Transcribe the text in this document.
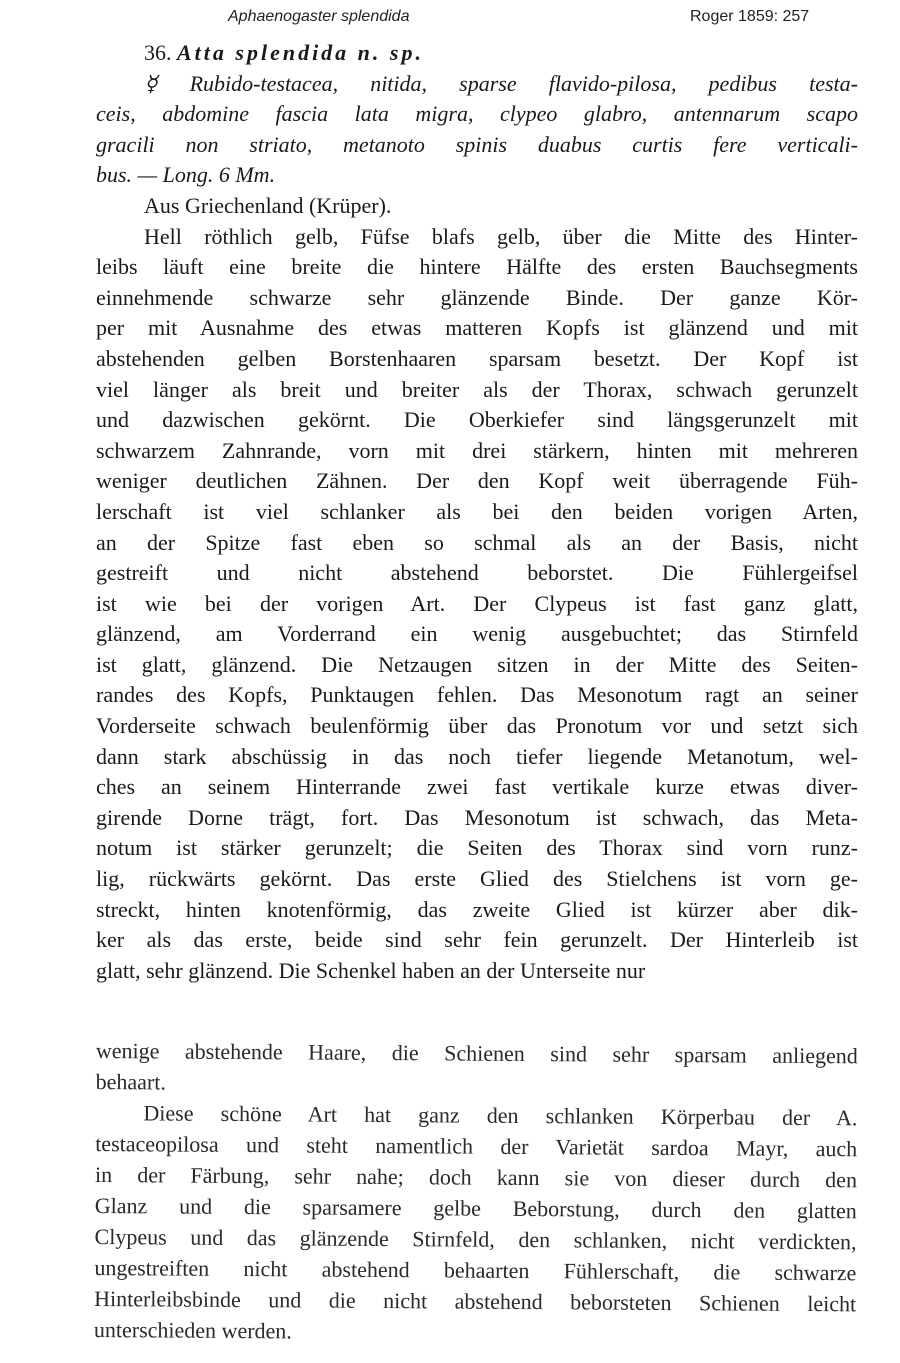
Aphaenogaster splendida	Roger 1859: 257
36. Atta splendida n. sp.
☿ Rubido-testacea, nitida, sparse flavido-pilosa, pedibus testa-
ceis, abdomine fascia lata migra, clypeo glabro, antennarum scapo
gracili non striato, metanoto spinis duabus curtis fere verticali-
bus. — Long. 6 Mm.
Aus Griechenland (Krüper).
Hell röthlich gelb, Füfse blafs gelb, über die Mitte des Hinter-
leibs läuft eine breite die hintere Hälfte des ersten Bauchsegments
einnehmende schwarze sehr glänzende Binde. Der ganze Kör-
per mit Ausnahme des etwas matteren Kopfs ist glänzend und mit
abstehenden gelben Borstenhaaren sparsam besetzt. Der Kopf ist
viel länger als breit und breiter als der Thorax, schwach gerunzelt
und dazwischen gekörnt. Die Oberkiefer sind längsgerunzelt mit
schwarzem Zahnrande, vorn mit drei stärkern, hinten mit mehreren
weniger deutlichen Zähnen. Der den Kopf weit überragende Füh-
lerschaft ist viel schlanker als bei den beiden vorigen Arten,
an der Spitze fast eben so schmal als an der Basis, nicht
gestreift und nicht abstehend beborstet. Die Fühlergeifsel
ist wie bei der vorigen Art. Der Clypeus ist fast ganz glatt,
glänzend, am Vorderrand ein wenig ausgebuchtet; das Stirnfeld
ist glatt, glänzend. Die Netzaugen sitzen in der Mitte des Seiten-
randes des Kopfs, Punktaugen fehlen. Das Mesonotum ragt an seiner
Vorderseite schwach beulenförmig über das Pronotum vor und setzt sich
dann stark abschüssig in das noch tiefer liegende Metanotum, wel-
ches an seinem Hinterrande zwei fast vertikale kurze etwas diver-
girende Dorne trägt, fort. Das Mesonotum ist schwach, das Meta-
notum ist stärker gerunzelt; die Seiten des Thorax sind vorn runz-
lig, rückwärts gekörnt. Das erste Glied des Stielchens ist vorn ge-
streckt, hinten knotenförmig, das zweite Glied ist kürzer aber dik-
ker als das erste, beide sind sehr fein gerunzelt. Der Hinterleib ist
glatt, sehr glänzend. Die Schenkel haben an der Unterseite nur
wenige abstehende Haare, die Schienen sind sehr sparsam anliegend
behaart.
Diese schöne Art hat ganz den schlanken Körperbau der A.
testaceopilosa und steht namentlich der Varietät sardoa Mayr, auch
in der Färbung, sehr nahe; doch kann sie von dieser durch den
Glanz und die sparsamere gelbe Beborstung, durch den glatten
Clypeus und das glänzende Stirnfeld, den schlanken, nicht verdickten,
ungestreiften nicht abstehend behaarten Fühlerschaft, die schwarze
Hinterleibsbinde und die nicht abstehend beborsteten Schienen leicht
unterschieden werden.
